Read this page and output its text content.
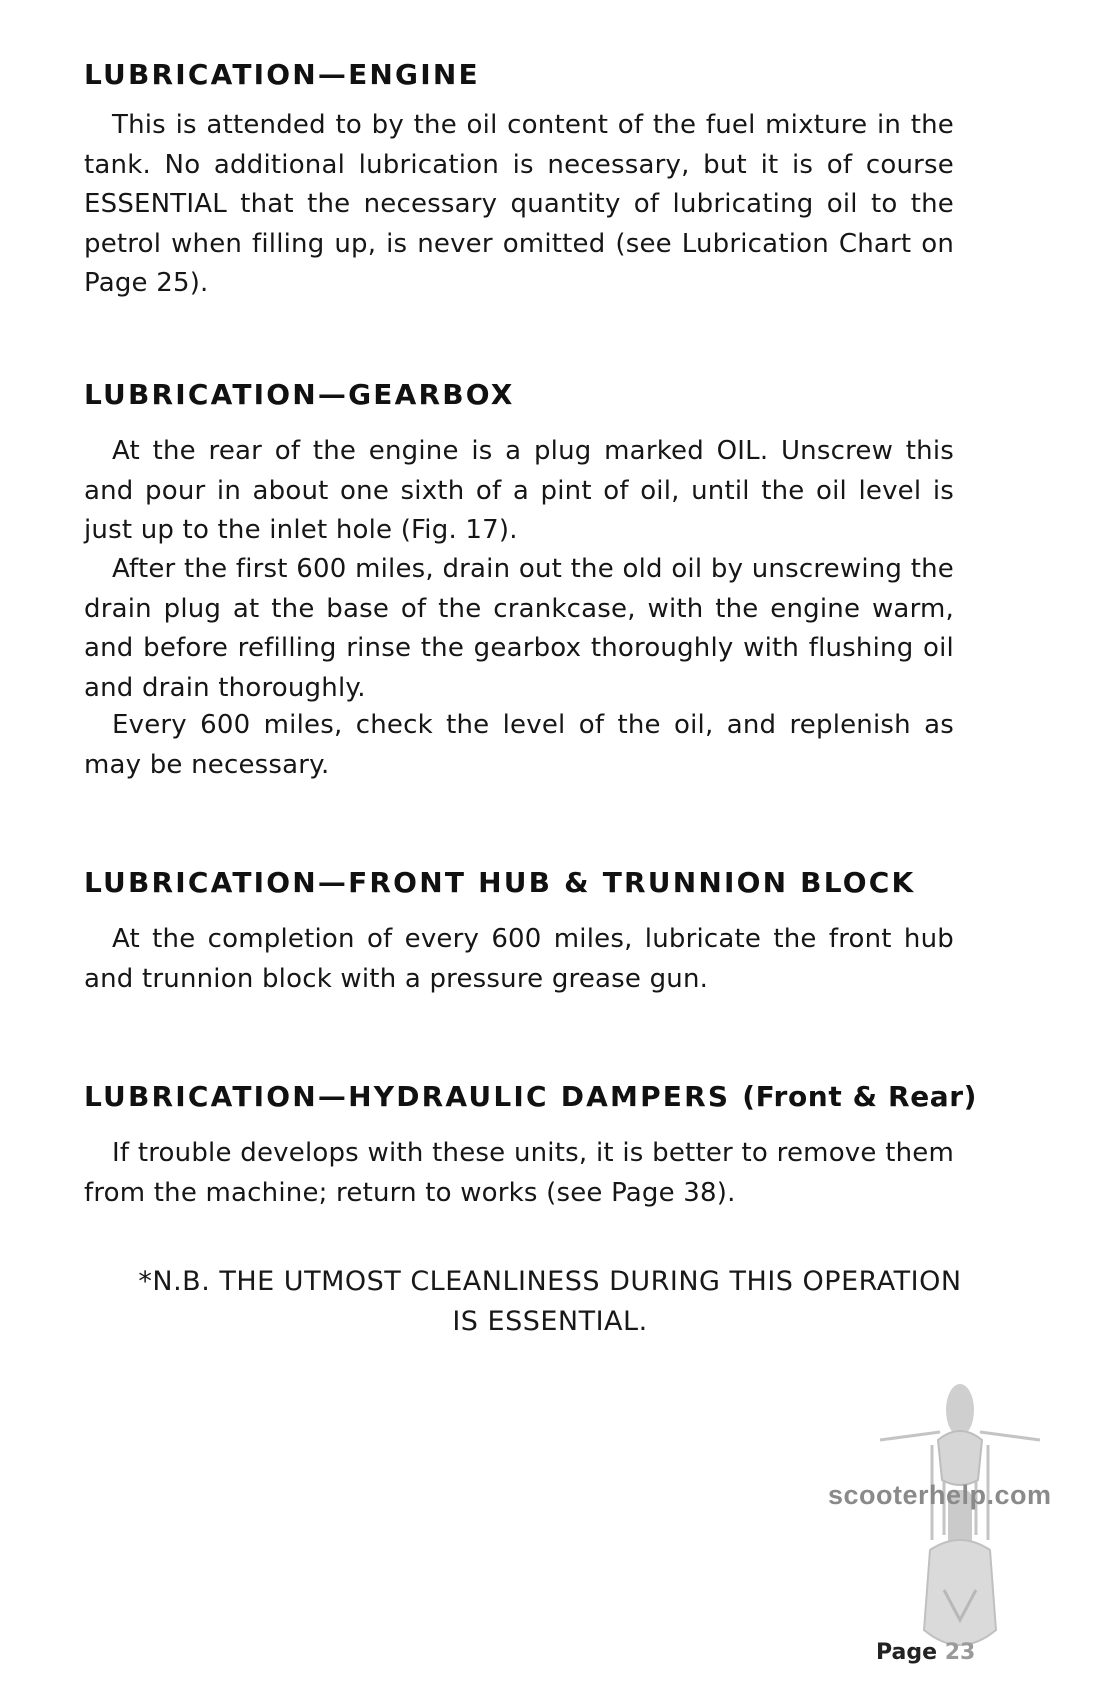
LUBRICATION—ENGINE

This is attended to by the oil content of the fuel mixture in the tank. No additional lubrication is necessary, but it is of course ESSENTIAL that the necessary quantity of lubricating oil to the petrol when filling up, is never omitted (see Lubrication Chart on Page 25).

LUBRICATION—GEARBOX

At the rear of the engine is a plug marked OIL. Unscrew this and pour in about one sixth of a pint of oil, until the oil level is just up to the inlet hole (Fig. 17).

After the first 600 miles, drain out the old oil by unscrewing the drain plug at the base of the crankcase, with the engine warm, and before refilling rinse the gearbox thoroughly with flushing oil and drain thoroughly.

Every 600 miles, check the level of the oil, and replenish as may be necessary.

LUBRICATION—FRONT HUB & TRUNNION BLOCK

At the completion of every 600 miles, lubricate the front hub and trunnion block with a pressure grease gun.

LUBRICATION—HYDRAULIC DAMPERS (Front & Rear)

If trouble develops with these units, it is better to remove them from the machine; return to works (see Page 38).

*N.B. THE UTMOST CLEANLINESS DURING THIS OPERATION
IS ESSENTIAL.

scooterhelp.com

Page 23
